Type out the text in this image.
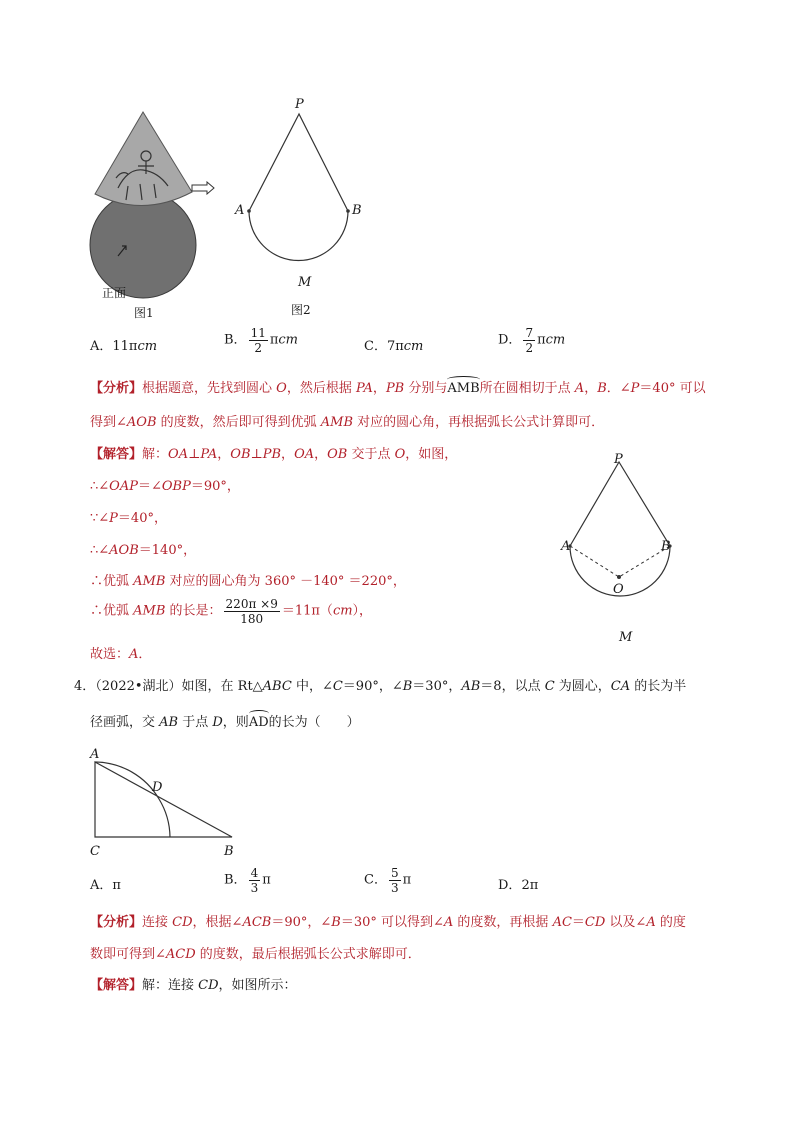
正面
图1
P
A	B
M
图2
A．11πcm	B． $\frac{11}{2}$ πcm	C．7πcm	D． $\frac{7}{2}$ πcm
【分析】根据题意，先找到圆心 O，然后根据 PA，PB 分别与AMB所在圆相切于点 A，B．∠P＝40° 可以
得到∠AOB 的度数，然后即可得到优弧 AMB 对应的圆心角，再根据弧长公式计算即可．
【解答】解：OA⊥PA，OB⊥PB，OA，OB 交于点 O，如图，
∴∠OAP＝∠OBP＝90°，
∵∠P＝40°，
∴∠AOB＝140°，
∴优弧 AMB 对应的圆心角为 360° －140° ＝220°，
∴优弧 AMB 的长是： $\frac{220\pi \times 9}{180} =11\pi(cm)$，
故选：A．
P
A	B
O
M
4．（2022•湖北）如图，在 Rt△ABC 中，∠C＝90°，∠B＝30°，AB＝8，以点 C 为圆心，CA 的长为半
径画弧，交 AB 于点 D，则AD的长为（　　）
A
D
C	B
A．π	B． $\frac{4}{3}$ π	C． $\frac{5}{3}$ π	D．2π
【分析】连接 CD，根据∠ACB＝90°，∠B＝30° 可以得到∠A 的度数，再根据 AC＝CD 以及∠A 的度
数即可得到∠ACD 的度数，最后根据弧长公式求解即可．
【解答】解：连接 CD，如图所示：
